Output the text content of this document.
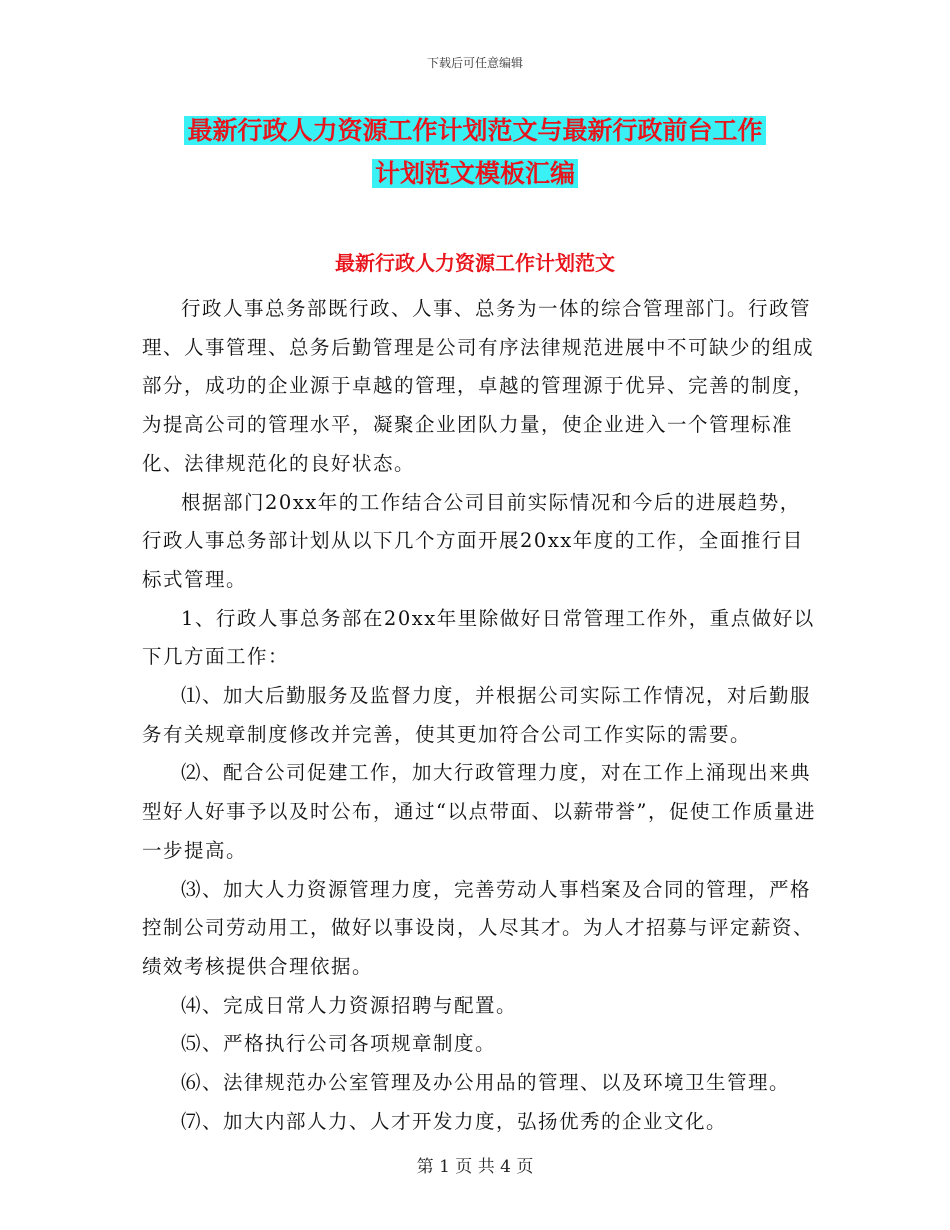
下载后可任意编辑
最新行政人力资源工作计划范文与最新行政前台工作
计划范文模板汇编
最新行政人力资源工作计划范文

行政人事总务部既行政、人事、总务为一体的综合管理部门。行政管理、人事管理、总务后勤管理是公司有序法律规范进展中不可缺少的组成部分，成功的企业源于卓越的管理，卓越的管理源于优异、完善的制度，为提高公司的管理水平，凝聚企业团队力量，使企业进入一个管理标准化、法律规范化的良好状态。

根据部门20xx年的工作结合公司目前实际情况和今后的进展趋势，行政人事总务部计划从以下几个方面开展20xx年度的工作，全面推行目标式管理。

1、行政人事总务部在20xx年里除做好日常管理工作外，重点做好以下几方面工作：

⑴、加大后勤服务及监督力度，并根据公司实际工作情况，对后勤服务有关规章制度修改并完善，使其更加符合公司工作实际的需要。

⑵、配合公司促建工作，加大行政管理力度，对在工作上涌现出来典型好人好事予以及时公布，通过“以点带面、以薪带誉”，促使工作质量进一步提高。

⑶、加大人力资源管理力度，完善劳动人事档案及合同的管理，严格控制公司劳动用工，做好以事设岗，人尽其才。为人才招募与评定薪资、绩效考核提供合理依据。

⑷、完成日常人力资源招聘与配置。

⑸、严格执行公司各项规章制度。

⑹、法律规范办公室管理及办公用品的管理、以及环境卫生管理。

⑺、加大内部人力、人才开发力度，弘扬优秀的企业文化。

第 1 页 共 4 页
